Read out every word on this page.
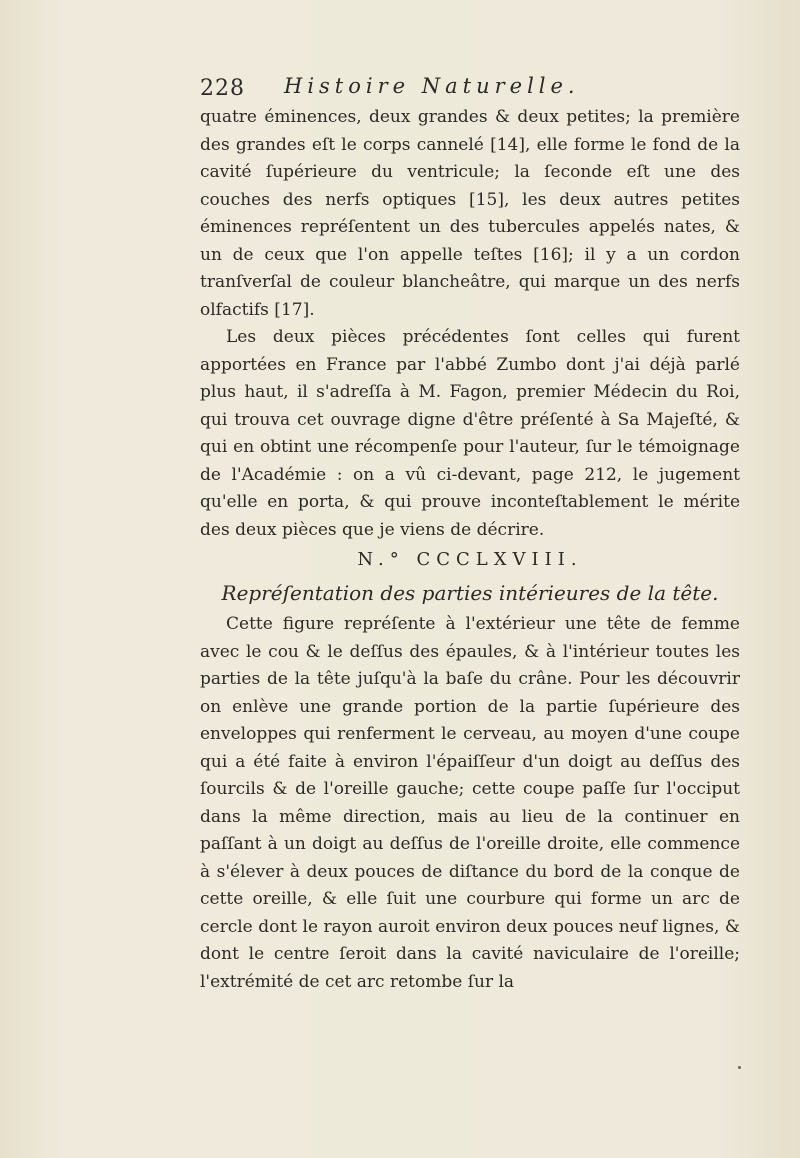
228 Histoire Naturelle.

quatre éminences, deux grandes & deux petites; la première des grandes eſt le corps cannelé [14], elle forme le fond de la cavité ſupérieure du ventricule; la ſeconde eſt une des couches des nerfs optiques [15], les deux autres petites éminences repréſentent un des tubercules appelés nates, & un de ceux que l'on appelle teſtes [16]; il y a un cordon tranſverſal de couleur blancheâtre, qui marque un des nerfs olfactifs [17].

Les deux pièces précédentes ſont celles qui furent apportées en France par l'abbé Zumbo dont j'ai déjà parlé plus haut, il s'adreſſa à M. Fagon, premier Médecin du Roi, qui trouva cet ouvrage digne d'être préſenté à Sa Majeſté, & qui en obtint une récompenſe pour l'auteur, ſur le témoignage de l'Académie : on a vû ci-devant, page 212, le jugement qu'elle en porta, & qui prouve inconteſtablement le mérite des deux pièces que je viens de décrire.

N.° CCCLXVIII.
Repréſentation des parties intérieures de la tête.

Cette figure repréſente à l'extérieur une tête de femme avec le cou & le deſſus des épaules, & à l'intérieur toutes les parties de la tête juſqu'à la baſe du crâne. Pour les découvrir on enlève une grande portion de la partie ſupérieure des enveloppes qui renferment le cerveau, au moyen d'une coupe qui a été faite à environ l'épaiſſeur d'un doigt au deſſus des ſourcils & de l'oreille gauche; cette coupe paſſe ſur l'occiput dans la même direction, mais au lieu de la continuer en paſſant à un doigt au deſſus de l'oreille droite, elle commence à s'élever à deux pouces de diſtance du bord de la conque de cette oreille, & elle ſuit une courbure qui forme un arc de cercle dont le rayon auroit environ deux pouces neuf lignes, & dont le centre ſeroit dans la cavité naviculaire de l'oreille; l'extrémité de cet arc retombe ſur la
